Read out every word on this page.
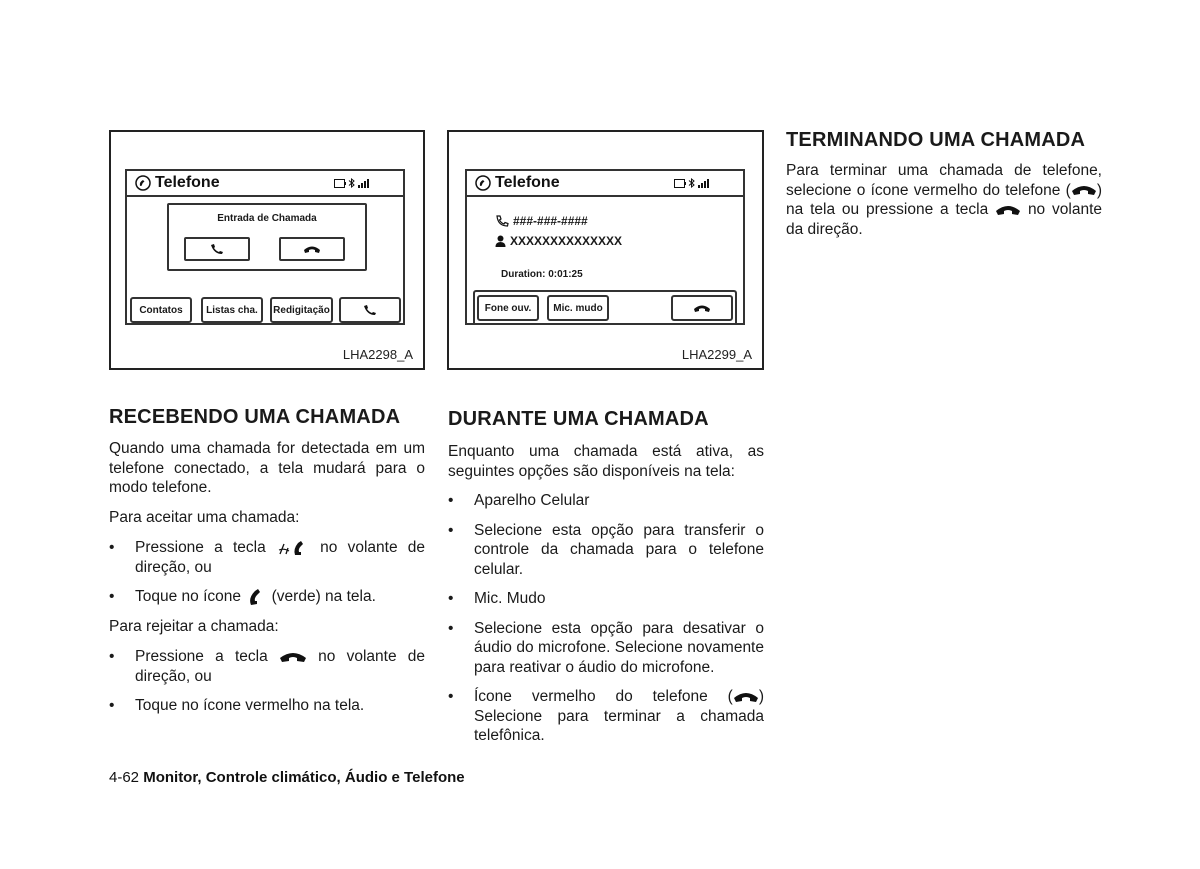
Telefone
Entrada de Chamada
Contatos	Listas cha.	Redigitação
LHA2298_A
Telefone
###-###-####
XXXXXXXXXXXXXX
Duration: 0:01:25
Fone ouv.	Mic. mudo
LHA2299_A
TERMINANDO UMA CHAMADA

Para terminar uma chamada de telefone, selecione o ícone vermelho do telefone ( ) na tela ou pressione a tecla	no volante da direção.

RECEBENDO UMA CHAMADA

Quando uma chamada for detectada em um telefone conectado, a tela mudará para o modo telefone.

Para aceitar uma chamada:

• Pressione a tecla	no volante de direção, ou
• Toque no ícone (verde) na tela.

Para rejeitar a chamada:

• Pressione a tecla	no volante de direção, ou
• Toque no ícone vermelho na tela.
DURANTE UMA CHAMADA

Enquanto uma chamada está ativa, as seguintes opções são disponíveis na tela:

• Aparelho Celular
• Selecione esta opção para transferir o controle da chamada para o telefone celular.
• Mic. Mudo
• Selecione esta opção para desativar o áudio do microfone. Selecione novamente para reativar o áudio do microfone.
• Ícone vermelho do telefone ( ) Selecione para terminar a chamada telefônica.
4-62 Monitor, Controle climático, Áudio e Telefone
